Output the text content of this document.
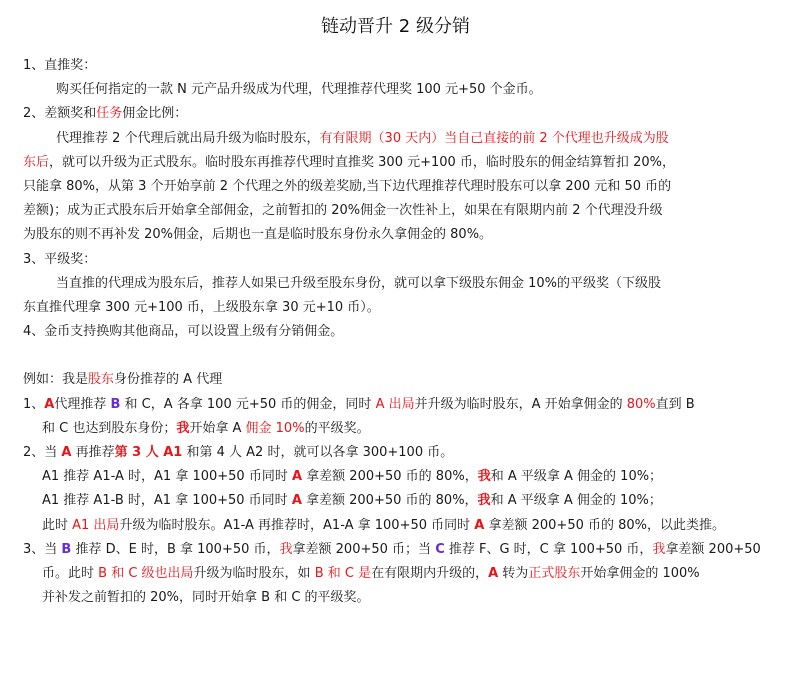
链动晋升 2 级分销

1、直推奖：

购买任何指定的一款 N 元产品升级成为代理，代理推荐代理奖 100 元+50 个金币。

2、差额奖和任务佣金比例：

代理推荐 2 个代理后就出局升级为临时股东，有有限期（30 天内）当自己直接的前 2 个代理也升级成为股

东后，就可以升级为正式股东。临时股东再推荐代理时直推奖 300 元+100 币，临时股东的佣金结算暂扣 20%，

只能拿 80%，从第 3 个开始享前 2 个代理之外的级差奖励,当下边代理推荐代理时股东可以拿 200 元和 50 币的

差额)；成为正式股东后开始拿全部佣金，之前暂扣的 20%佣金一次性补上，如果在有限期内前 2 个代理没升级

为股东的则不再补发 20%佣金，后期也一直是临时股东身份永久拿佣金的 80%。

3、平级奖：

当直推的代理成为股东后，推荐人如果已升级至股东身份，就可以拿下级股东佣金 10%的平级奖（下级股

东直推代理拿 300 元+100 币，上级股东拿 30 元+10 币）。

4、金币支持换购其他商品，可以设置上级有分销佣金。

例如：我是股东身份推荐的 A 代理

1、A代理推荐 B 和 C，A 各拿 100 元+50 币的佣金，同时 A 出局并升级为临时股东，A 开始拿佣金的 80%直到 B

和 C 也达到股东身份；我开始拿 A 佣金 10%的平级奖。

2、当 A 再推荐第 3 人 A1 和第 4 人 A2 时，就可以各拿 300+100 币。

A1 推荐 A1-A 时，A1 拿 100+50 币同时 A 拿差额 200+50 币的 80%，我和 A 平级拿 A 佣金的 10%；

A1 推荐 A1-B 时，A1 拿 100+50 币同时 A 拿差额 200+50 币的 80%，我和 A 平级拿 A 佣金的 10%；

此时 A1 出局升级为临时股东。A1-A 再推荐时，A1-A 拿 100+50 币同时 A 拿差额 200+50 币的 80%，以此类推。

3、当 B 推荐 D、E 时，B 拿 100+50 币，我拿差额 200+50 币；当 C 推荐 F、G 时，C 拿 100+50 币，我拿差额 200+50

币。此时 B 和 C 级也出局升级为临时股东，如 B 和 C 是在有限期内升级的，A 转为正式股东开始拿佣金的 100%

并补发之前暂扣的 20%，同时开始拿 B 和 C 的平级奖。
